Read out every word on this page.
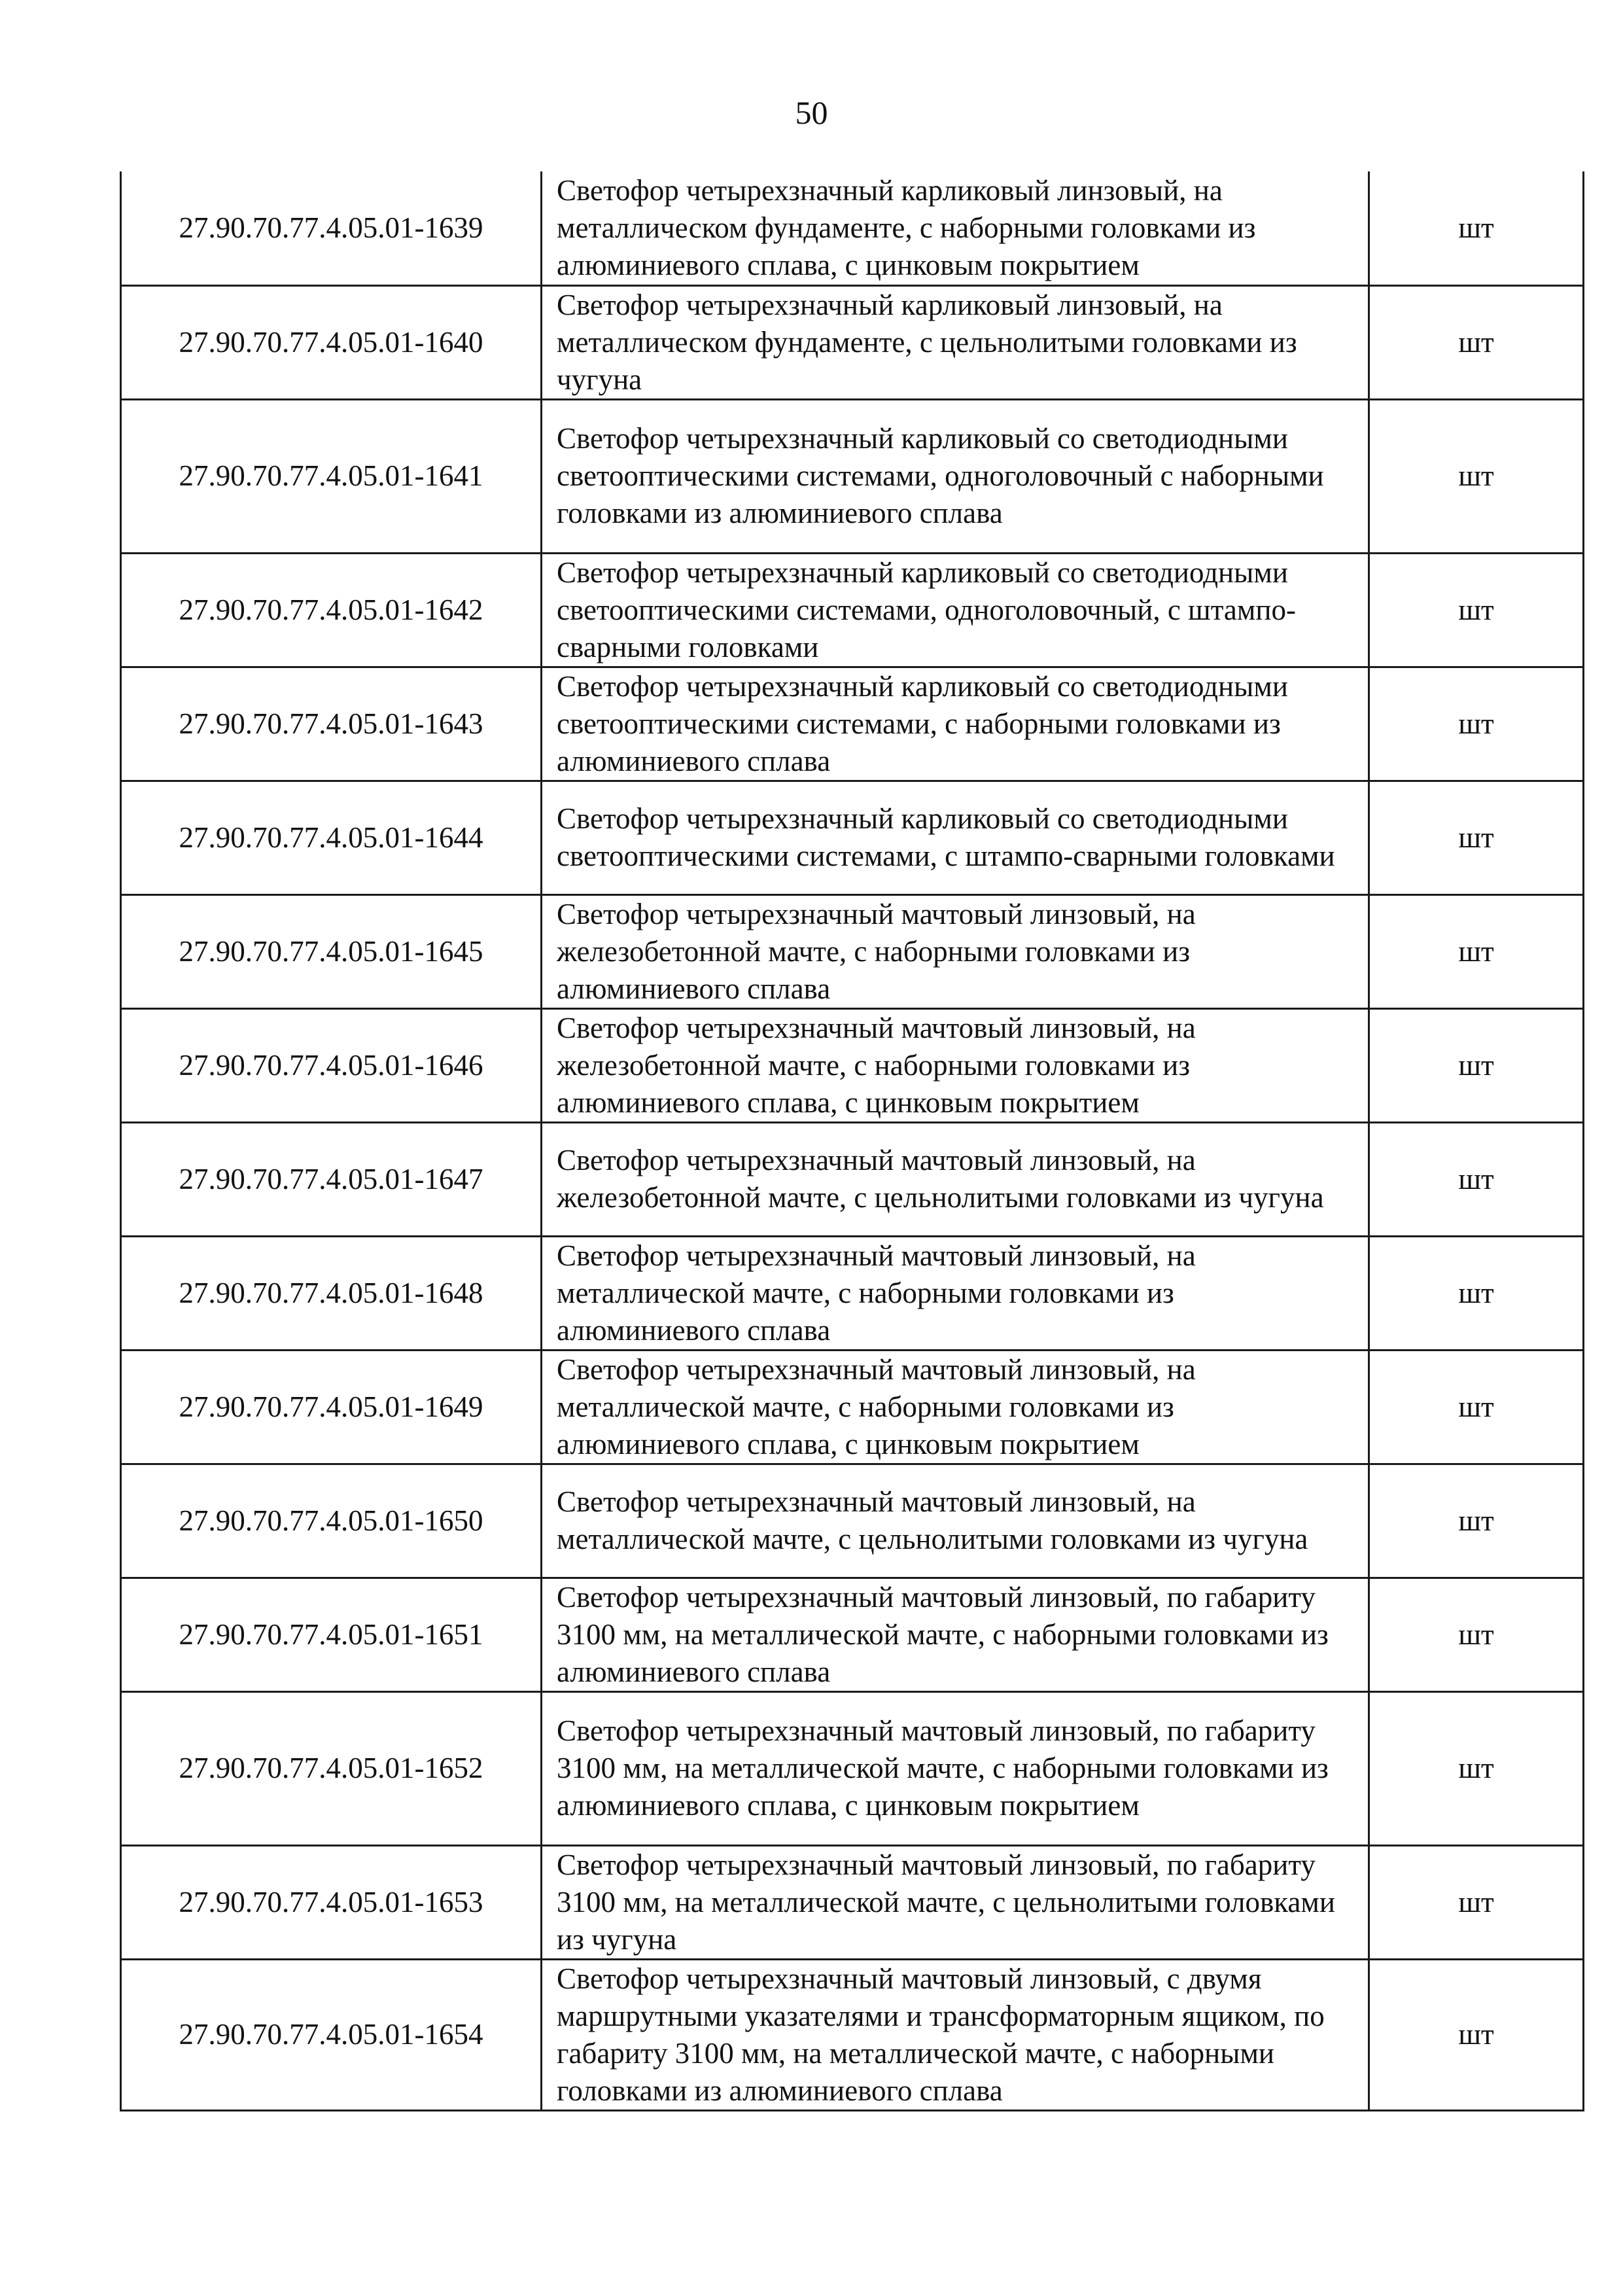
50
27.90.70.77.4.05.01-1639	Светофор четырехзначный карликовый линзовый, на металлическом фундаменте, с наборными головками из алюминиевого сплава, с цинковым покрытием	шт
27.90.70.77.4.05.01-1640	Светофор четырехзначный карликовый линзовый, на металлическом фундаменте, с цельнолитыми головками из чугуна	шт
27.90.70.77.4.05.01-1641	Светофор четырехзначный карликовый со светодиодными светооптическими системами, одноголовочный с наборными головками из алюминиевого сплава	шт
27.90.70.77.4.05.01-1642	Светофор четырехзначный карликовый со светодиодными светооптическими системами, одноголовочный, с штампо-сварными головками	шт
27.90.70.77.4.05.01-1643	Светофор четырехзначный карликовый со светодиодными светооптическими системами, с наборными головками из алюминиевого сплава	шт
27.90.70.77.4.05.01-1644	Светофор четырехзначный карликовый со светодиодными светооптическими системами, с штампо-сварными головками	шт
27.90.70.77.4.05.01-1645	Светофор четырехзначный мачтовый линзовый, на железобетонной мачте, с наборными головками из алюминиевого сплава	шт
27.90.70.77.4.05.01-1646	Светофор четырехзначный мачтовый линзовый, на железобетонной мачте, с наборными головками из алюминиевого сплава, с цинковым покрытием	шт
27.90.70.77.4.05.01-1647	Светофор четырехзначный мачтовый линзовый, на железобетонной мачте, с цельнолитыми головками из чугуна	шт
27.90.70.77.4.05.01-1648	Светофор четырехзначный мачтовый линзовый, на металлической мачте, с наборными головками из алюминиевого сплава	шт
27.90.70.77.4.05.01-1649	Светофор четырехзначный мачтовый линзовый, на металлической мачте, с наборными головками из алюминиевого сплава, с цинковым покрытием	шт
27.90.70.77.4.05.01-1650	Светофор четырехзначный мачтовый линзовый, на металлической мачте, с цельнолитыми головками из чугуна	шт
27.90.70.77.4.05.01-1651	Светофор четырехзначный мачтовый линзовый, по габариту 3100 мм, на металлической мачте, с наборными головками из алюминиевого сплава	шт
27.90.70.77.4.05.01-1652	Светофор четырехзначный мачтовый линзовый, по габариту 3100 мм, на металлической мачте, с наборными головками из алюминиевого сплава, с цинковым покрытием	шт
27.90.70.77.4.05.01-1653	Светофор четырехзначный мачтовый линзовый, по габариту 3100 мм, на металлической мачте, с цельнолитыми головками из чугуна	шт
27.90.70.77.4.05.01-1654	Светофор четырехзначный мачтовый линзовый, с двумя маршрутными указателями и трансформаторным ящиком, по габариту 3100 мм, на металлической мачте, с наборными головками из алюминиевого сплава	шт
